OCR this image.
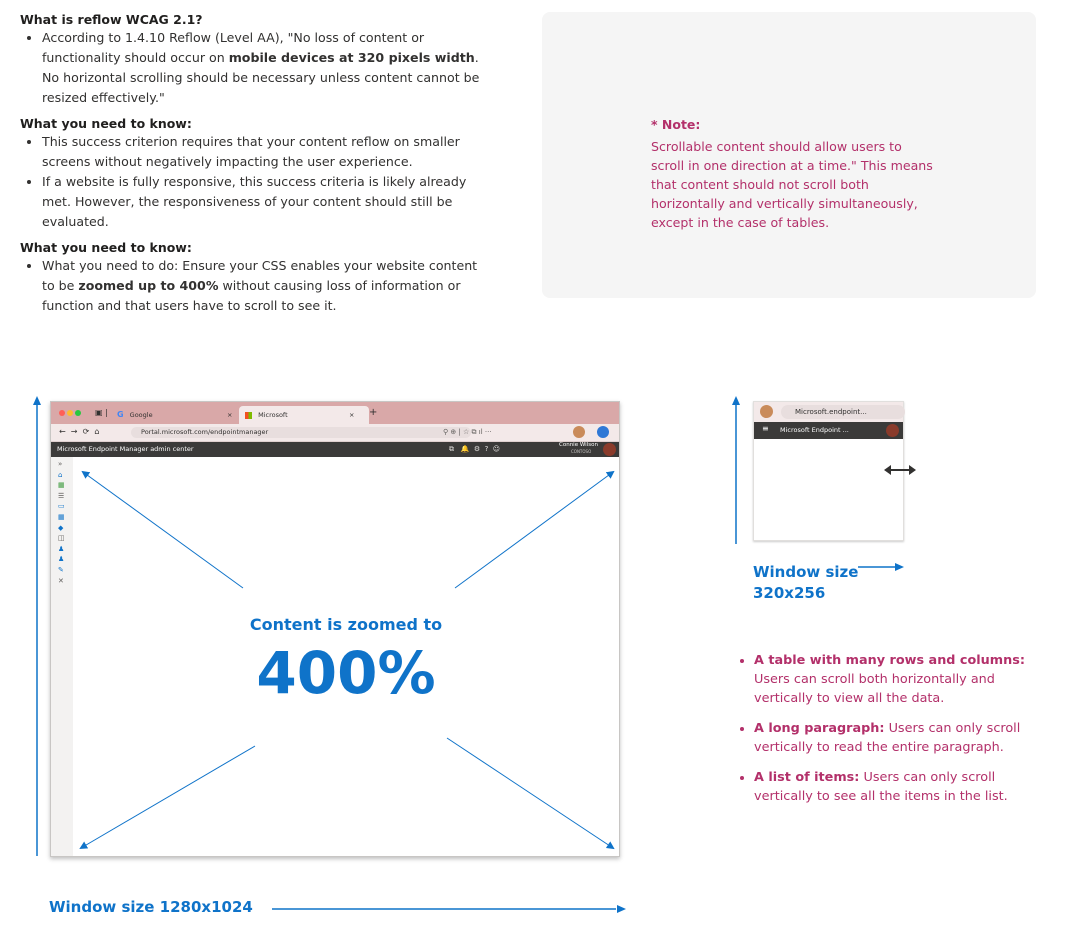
What is reflow WCAG 2.1?
• According to 1.4.10 Reflow (Level AA), "No loss of content or functionality should occur on mobile devices at 320 pixels width. No horizontal scrolling should be necessary unless content cannot be resized effectively."
What you need to know:
• This success criterion requires that your content reflow on smaller screens without negatively impacting the user experience.
• If a website is fully responsive, this success criteria is likely already met. However, the responsiveness of your content should still be evaluated.
What you need to know:
• What you need to do: Ensure your CSS enables your website content to be zoomed up to 400% without causing loss of information or function and that users have to scroll to see it.
* Note:
Scrollable content should allow users to scroll in one direction at a time." This means that content should not scroll both horizontally and vertically simultaneously, except in the case of tables.
▣ | G Google	×	Microsoft	× +
←  →  ⟳  ⌂	Portal.microsoft.com/endpointmanager	⚲ ⊕ | ☆ ⧉ ıl ···
Microsoft Endpoint Manager admin center	⧉   🔔  ⚙  ?  ☺	Connie Wilson
CONTOSO
»
⌂
▦
☰
▭
▦
◆
◫
♟
♟
✎
✕
Content is zoomed to
400%
Window size 1280x1024
Microsoft.endpoint...
≡ Microsoft Endpoint ...
Window size
320x256
• A table with many rows and columns: Users can scroll both horizontally and vertically to view all the data.
• A long paragraph: Users can only scroll vertically to read the entire paragraph.
• A list of items: Users can only scroll vertically to see all the items in the list.
